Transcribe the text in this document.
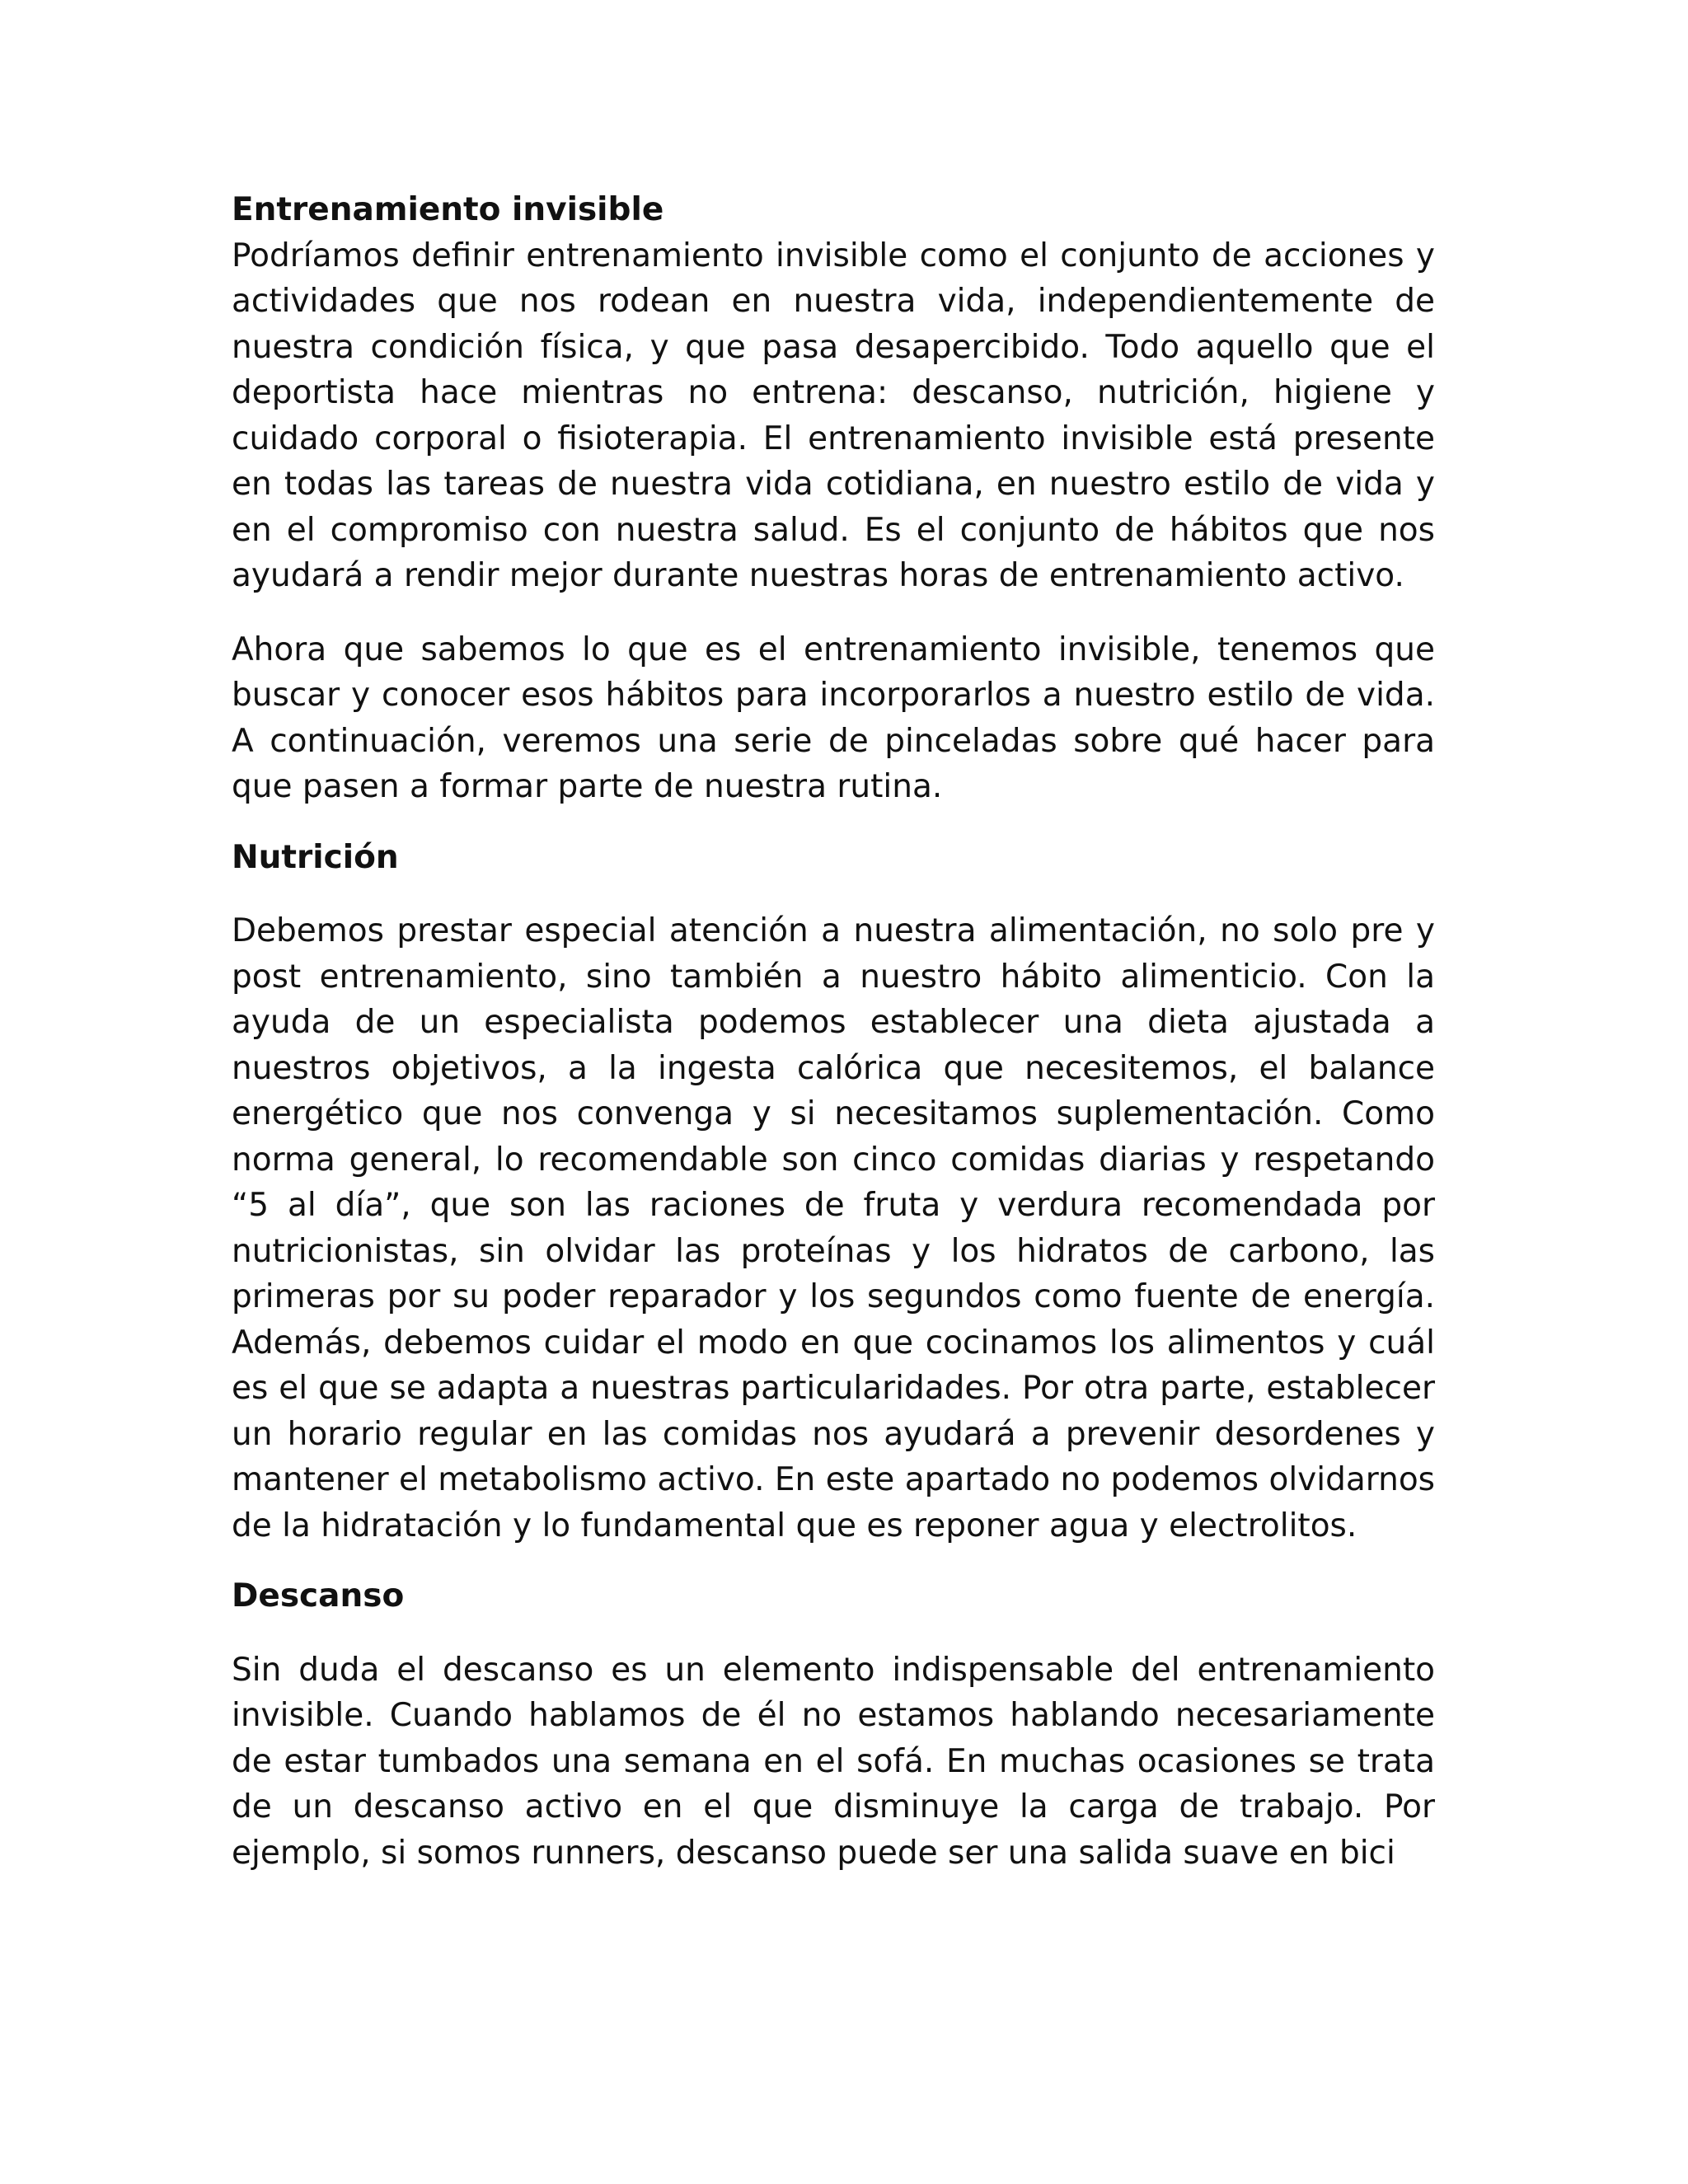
Entrenamiento invisible

Podríamos definir entrenamiento invisible como el conjunto de acciones y actividades que nos rodean en nuestra vida, independientemente de nuestra condición física, y que pasa desapercibido. Todo aquello que el deportista hace mientras no entrena: descanso, nutrición, higiene y cuidado corporal o fisioterapia. El entrenamiento invisible está presente en todas las tareas de nuestra vida cotidiana, en nuestro estilo de vida y en el compromiso con nuestra salud. Es el conjunto de hábitos que nos ayudará a rendir mejor durante nuestras horas de entrenamiento activo.

Ahora que sabemos lo que es el entrenamiento invisible, tenemos que buscar y conocer esos hábitos para incorporarlos a nuestro estilo de vida. A continuación, veremos una serie de pinceladas sobre qué hacer para que pasen a formar parte de nuestra rutina.

Nutrición

Debemos prestar especial atención a nuestra alimentación, no solo pre y post entrenamiento, sino también a nuestro hábito alimenticio. Con la ayuda de un especialista podemos establecer una dieta ajustada a nuestros objetivos, a la ingesta calórica que necesitemos, el balance energético que nos convenga y si necesitamos suplementación. Como norma general, lo recomendable son cinco comidas diarias y respetando “5 al día”, que son las raciones de fruta y verdura recomendada por nutricionistas, sin olvidar las proteínas y los hidratos de carbono, las primeras por su poder reparador y los segundos como fuente de energía. Además, debemos cuidar el modo en que cocinamos los alimentos y cuál es el que se adapta a nuestras particularidades. Por otra parte, establecer un horario regular en las comidas nos ayudará a prevenir desordenes y mantener el metabolismo activo. En este apartado no podemos olvidarnos de la hidratación y lo fundamental que es reponer agua y electrolitos.

Descanso

Sin duda el descanso es un elemento indispensable del entrenamiento invisible. Cuando hablamos de él no estamos hablando necesariamente de estar tumbados una semana en el sofá. En muchas ocasiones se trata de un descanso activo en el que disminuye la carga de trabajo. Por ejemplo, si somos runners, descanso puede ser una salida suave en bici
